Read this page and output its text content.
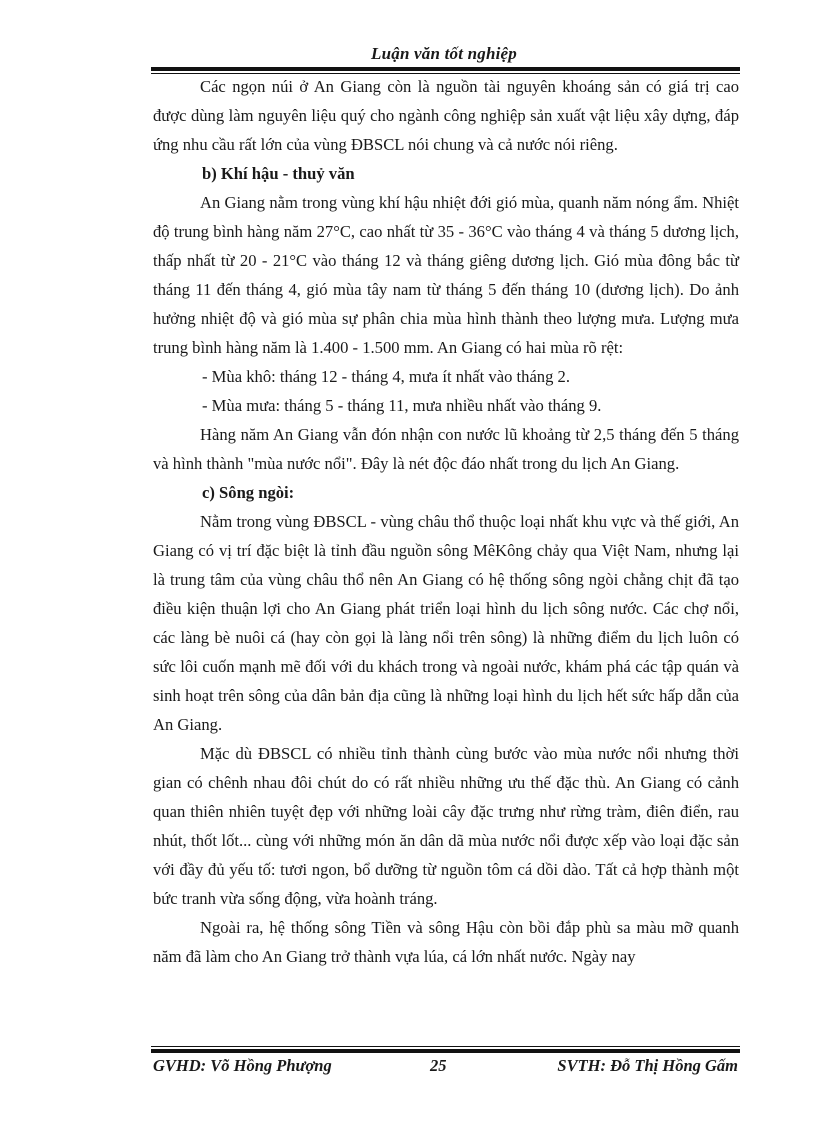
Luận văn tốt nghiệp

Các ngọn núi ở An Giang còn là nguồn tài nguyên khoáng sản có giá trị cao được dùng làm nguyên liệu quý cho ngành công nghiệp sản xuất vật liệu xây dựng, đáp ứng nhu cầu rất lớn của vùng ĐBSCL nói chung và cả nước nói riêng.

b) Khí hậu - thuỷ văn

An Giang nằm trong vùng khí hậu nhiệt đới gió mùa, quanh năm nóng ẩm. Nhiệt độ trung bình hàng năm 27°C, cao nhất từ 35 - 36°C vào tháng 4 và tháng 5 dương lịch, thấp nhất từ 20 - 21°C vào tháng 12 và tháng giêng dương lịch. Gió mùa đông bắc từ tháng 11 đến tháng 4, gió mùa tây nam từ tháng 5 đến tháng 10 (dương lịch). Do ảnh hưởng nhiệt độ và gió mùa sự phân chia mùa hình thành theo lượng mưa. Lượng mưa trung bình hàng năm là 1.400 - 1.500 mm. An Giang có hai mùa rõ rệt:

- Mùa khô: tháng 12 - tháng 4, mưa ít nhất vào tháng 2.

- Mùa mưa: tháng 5 - tháng 11, mưa nhiều nhất vào tháng 9.

Hàng năm An Giang vẫn đón nhận con nước lũ khoảng từ 2,5 tháng đến 5 tháng và hình thành "mùa nước nổi". Đây là nét độc đáo nhất trong du lịch An Giang.

c) Sông ngòi:

Nằm trong vùng ĐBSCL - vùng châu thổ thuộc loại nhất khu vực và thế giới, An Giang có vị trí đặc biệt là tỉnh đầu nguồn sông MêKông chảy qua Việt Nam, nhưng lại là trung tâm của vùng châu thổ nên An Giang có hệ thống sông ngòi chằng chịt đã tạo điều kiện thuận lợi cho An Giang phát triển loại hình du lịch sông nước. Các chợ nổi, các làng bè nuôi cá (hay còn gọi là làng nổi trên sông) là những điểm du lịch luôn có sức lôi cuốn mạnh mẽ đối với du khách trong và ngoài nước, khám phá các tập quán và sinh hoạt trên sông của dân bản địa cũng là những loại hình du lịch hết sức hấp dẫn của An Giang.

Mặc dù ĐBSCL có nhiều tỉnh thành cùng bước vào mùa nước nổi nhưng thời gian có chênh nhau đôi chút do có rất nhiều những ưu thế đặc thù. An Giang có cảnh quan thiên nhiên tuyệt đẹp với những loài cây đặc trưng như rừng tràm, điên điển, rau nhút, thốt lốt... cùng với những món ăn dân dã mùa nước nổi được xếp vào loại đặc sản với đầy đủ yếu tố: tươi ngon, bổ dưỡng từ nguồn tôm cá dồi dào. Tất cả hợp thành một bức tranh vừa sống động, vừa hoành tráng.

Ngoài ra, hệ thống sông Tiền và sông Hậu còn bồi đắp phù sa màu mỡ quanh năm đã làm cho An Giang trở thành vựa lúa, cá lớn nhất nước. Ngày nay

GVHD: Võ Hồng Phượng	25	SVTH: Đỗ Thị Hồng Gấm
